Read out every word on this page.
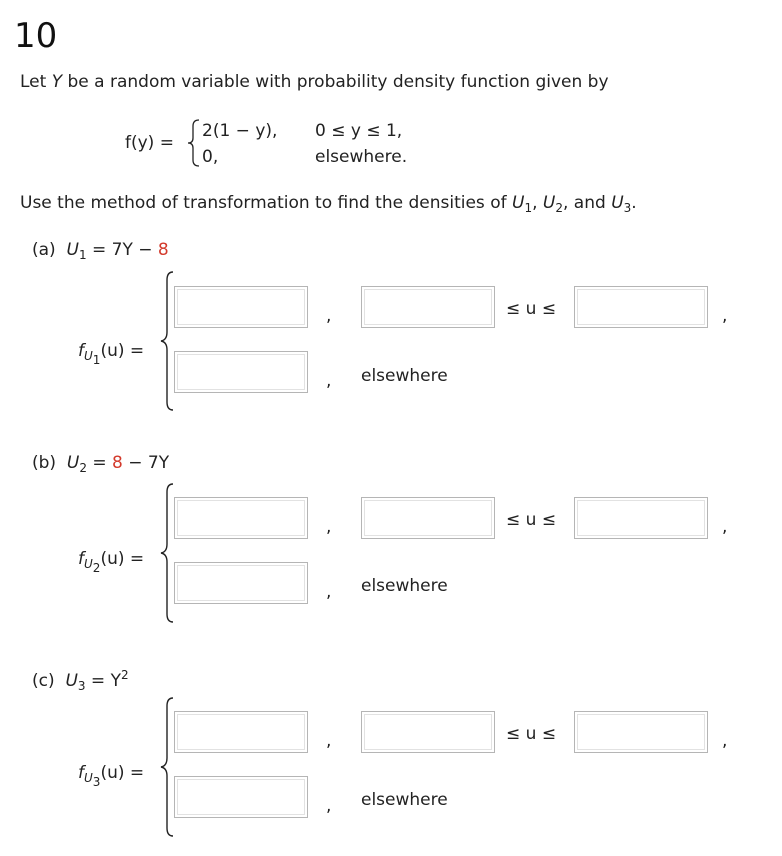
10
Let Y be a random variable with probability density function given by
f(y) =
2(1 − y), 0 ≤ y ≤ 1,
0,	elsewhere.
Use the method of transformation to find the densities of $U_1$, $U_2$, and $U_3$.
(a) $U_1 = 7Y - 8$
$f_{U_1}(u)$ =
,	≤ u ≤	,
, elsewhere
(b) $U_2 = 8 - 7Y$
$f_{U_2}(u)$ =
,	≤ u ≤	,
, elsewhere
(c) $U_3 = Y^2$
$f_{U_3}(u)$ =
,	≤ u ≤	,
, elsewhere
